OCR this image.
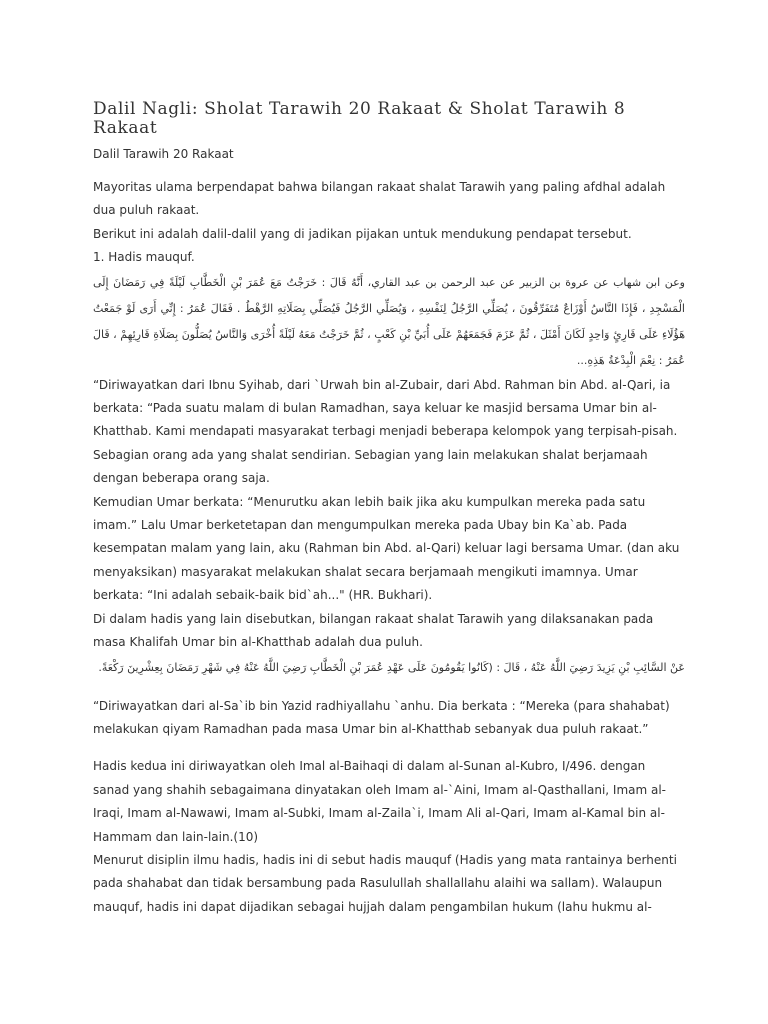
Dalil Nagli: Sholat Tarawih 20 Rakaat & Sholat Tarawih 8 Rakaat
Dalil Tarawih 20 Rakaat

Mayoritas ulama berpendapat bahwa bilangan rakaat shalat Tarawih yang paling afdhal adalah dua puluh rakaat.

Berikut ini adalah dalil-dalil yang di jadikan pijakan untuk mendukung pendapat tersebut.

1. Hadis mauquf.

وعن ابن شهاب عن عروة بن الزبير عن عبد الرحمن بن عبد القاري، أَنَّهُ قَالَ : خَرَجْتُ مَعَ عُمَرَ بْنِ الْخَطَّابِ لَيْلَةً فِي رَمَضَانَ إِلَى الْمَسْجِدِ ، فَإِذَا النَّاسُ أَوْزَاعٌ مُتَفَرِّقُونَ ، يُصَلِّي الرَّجُلُ لِنَفْسِهِ ، وَيُصَلِّي الرَّجُلُ فَيُصَلِّي بِصَلَاتِهِ الرَّهْطُ . فَقَالَ عُمَرُ : إِنِّي أَرَى لَوْ جَمَعْتُ هَؤُلَاءِ عَلَى قَارِئٍ وَاحِدٍ لَكَانَ أَمْثَلَ ، ثُمَّ عَزَمَ فَجَمَعَهُمْ عَلَى أُبَيِّ بْنِ كَعْبٍ ، ثُمَّ خَرَجْتُ مَعَهُ لَيْلَةً أُخْرَى وَالنَّاسُ يُصَلُّونَ بِصَلَاةِ قَارِئِهِمْ ، قَالَ عُمَرُ : نِعْمَ الْبِدْعَةُ هَذِهِ...

“Diriwayatkan dari Ibnu Syihab, dari `Urwah bin al-Zubair, dari Abd. Rahman bin Abd. al-Qari, ia berkata: “Pada suatu malam di bulan Ramadhan, saya keluar ke masjid bersama Umar bin al-Khatthab. Kami mendapati masyarakat terbagi menjadi beberapa kelompok yang terpisah-pisah. Sebagian orang ada yang shalat sendirian. Sebagian yang lain melakukan shalat berjamaah dengan beberapa orang saja.

Kemudian Umar berkata: “Menurutku akan lebih baik jika aku kumpulkan mereka pada satu imam.” Lalu Umar berketetapan dan mengumpulkan mereka pada Ubay bin Ka`ab. Pada kesempatan malam yang lain, aku (Rahman bin Abd. al-Qari) keluar lagi bersama Umar. (dan aku menyaksikan) masyarakat melakukan shalat secara berjamaah mengikuti imamnya. Umar berkata: “Ini adalah sebaik-baik bid`ah..." (HR. Bukhari).

Di dalam hadis yang lain disebutkan, bilangan rakaat shalat Tarawih yang dilaksanakan pada masa Khalifah Umar bin al-Khatthab adalah dua puluh.

عَنْ السَّائِبِ بْنِ يَزِيدَ رَضِيَ اللَّهُ عَنْهُ ، قَالَ : (كَانُوا يَقُومُونَ عَلَى عَهْدِ عُمَرَ بْنِ الْخَطَّابِ رَضِيَ اللَّهُ عَنْهُ فِي شَهْرِ رَمَضَانَ بِعِشْرِينَ رَكْعَةً.

“Diriwayatkan dari al-Sa`ib bin Yazid radhiyallahu `anhu. Dia berkata : “Mereka (para shahabat) melakukan qiyam Ramadhan pada masa Umar bin al-Khatthab sebanyak dua puluh rakaat.”

Hadis kedua ini diriwayatkan oleh Imal al-Baihaqi di dalam al-Sunan al-Kubro, I/496. dengan sanad yang shahih sebagaimana dinyatakan oleh Imam al-`Aini, Imam al-Qasthallani, Imam al-Iraqi, Imam al-Nawawi, Imam al-Subki, Imam al-Zaila`i, Imam Ali al-Qari, Imam al-Kamal bin al-Hammam dan lain-lain.(10)

Menurut disiplin ilmu hadis, hadis ini di sebut hadis mauquf (Hadis yang mata rantainya berhenti pada shahabat dan tidak bersambung pada Rasulullah shallallahu alaihi wa sallam). Walaupun mauquf, hadis ini dapat dijadikan sebagai hujjah dalam pengambilan hukum (lahu hukmu al-
